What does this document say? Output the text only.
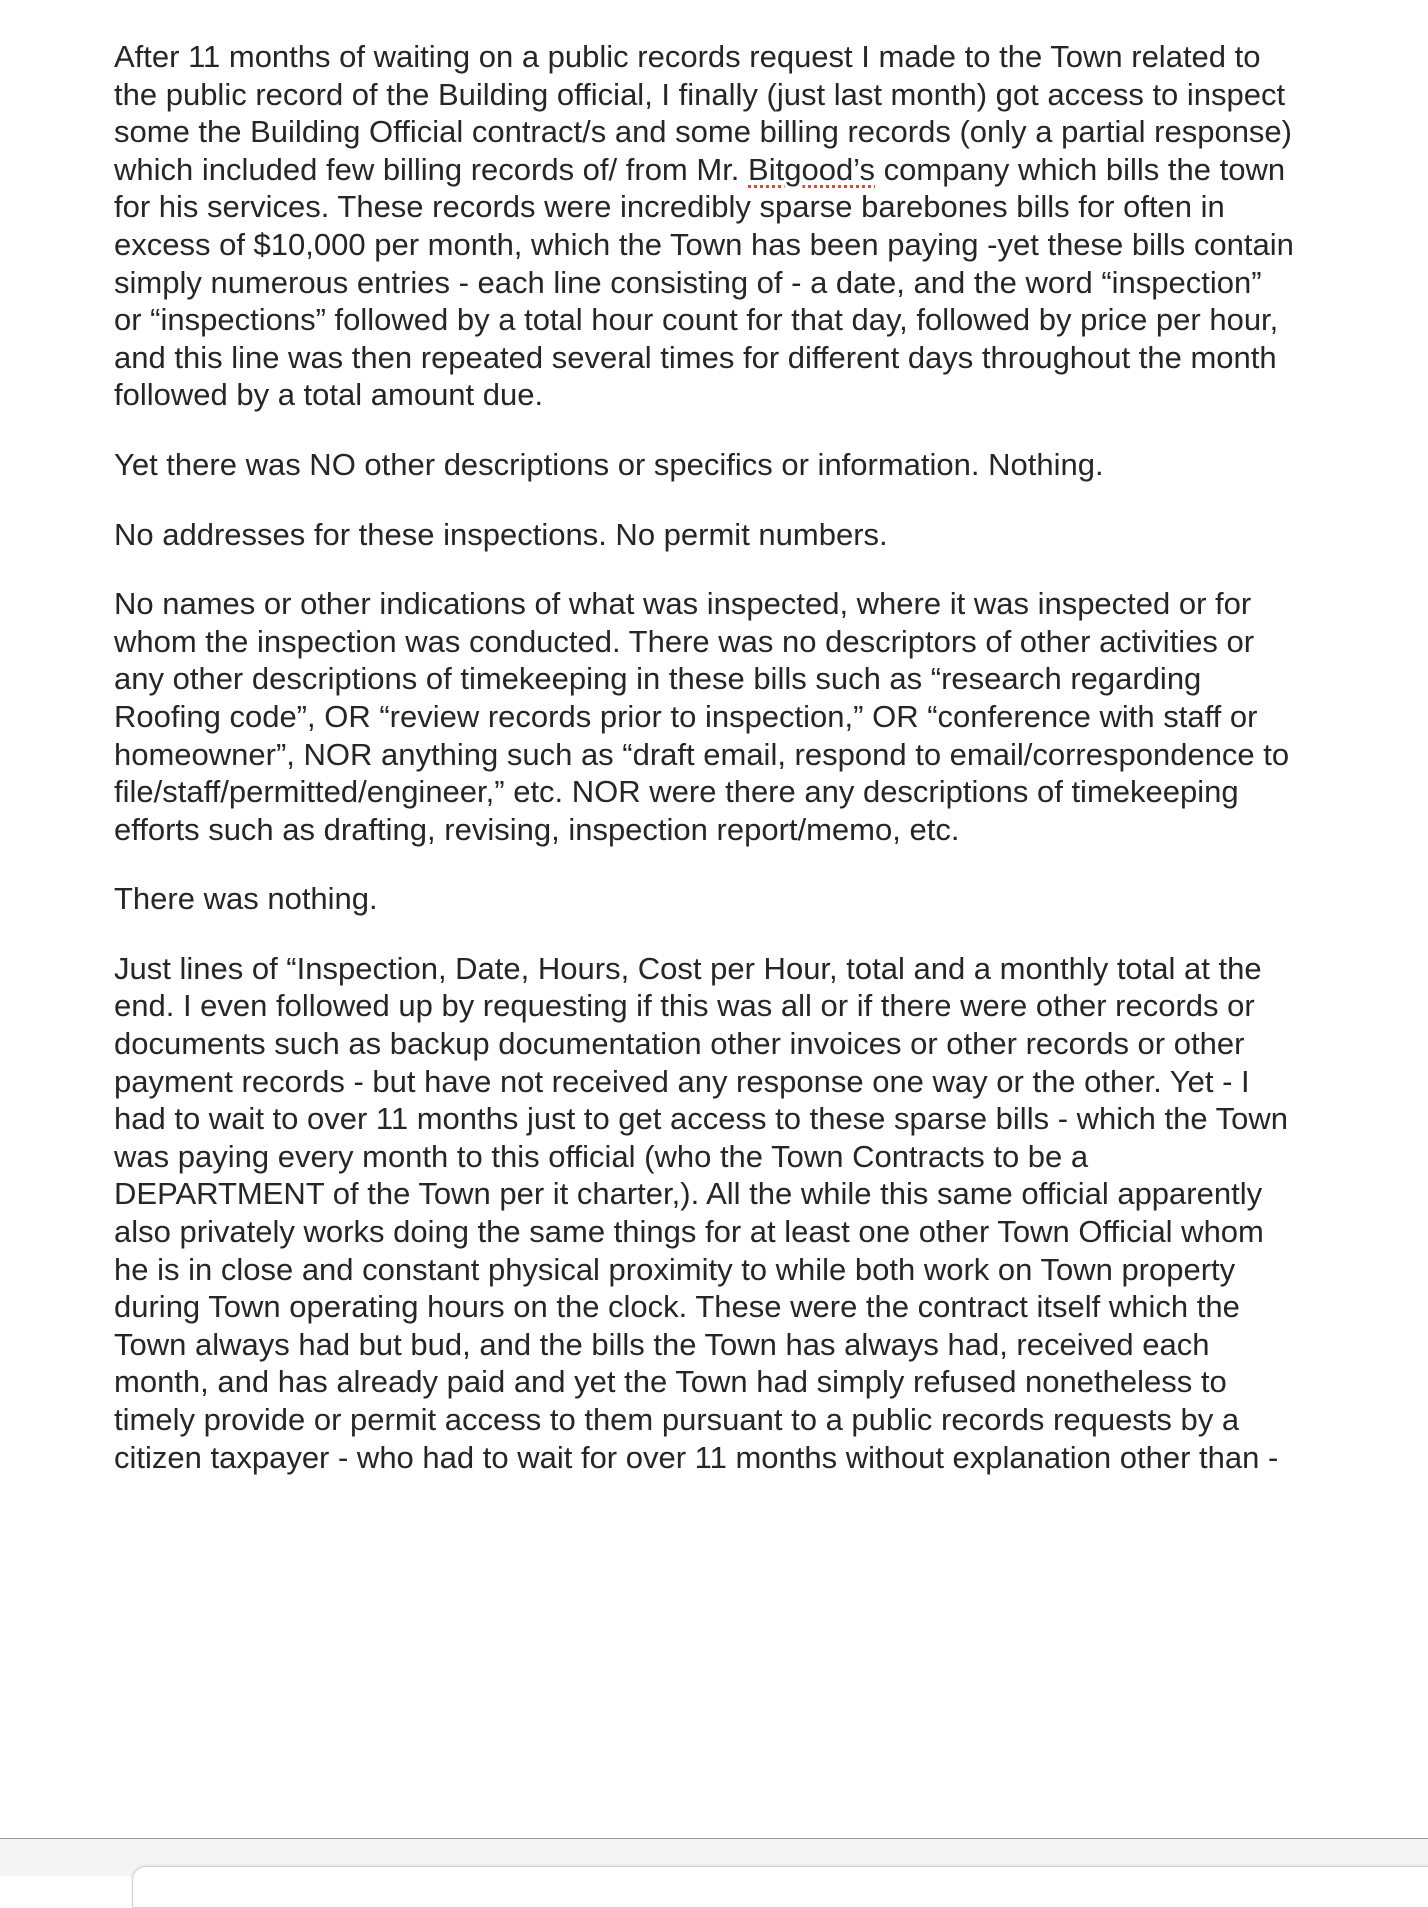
After 11 months of waiting on a public records request I made to the Town related to the public record of the Building official, I finally (just last month) got access to inspect some the Building Official contract/s and some billing records (only a partial response) which included few billing records of/ from Mr. Bitgood’s company which bills the town for his services. These records were incredibly sparse barebones bills for often in excess of $10,000 per month, which the Town has been paying -yet these bills contain simply numerous entries - each line consisting of - a date, and the word “inspection” or “inspections” followed by a total hour count for that day, followed by price per hour, and this line was then repeated several times for different days throughout the month followed by a total amount due.

Yet there was NO other descriptions or specifics or information. Nothing.

No addresses for these inspections. No permit numbers.

No names or other indications of what was inspected, where it was inspected or for whom the inspection was conducted. There was no descriptors of other activities or any other descriptions of timekeeping in these bills such as “research regarding Roofing code”, OR “review records prior to inspection,” OR “conference with staff or homeowner”, NOR anything such as “draft email, respond to email/correspondence to file/staff/permitted/engineer,” etc. NOR were there any descriptions of timekeeping efforts such as drafting, revising, inspection report/memo, etc.

There was nothing.

Just lines of “Inspection, Date, Hours, Cost per Hour, total and a monthly total at the end. I even followed up by requesting if this was all or if there were other records or documents such as backup documentation other invoices or other records or other payment records - but have not received any response one way or the other. Yet - I had to wait to over 11 months just to get access to these sparse bills - which the Town was paying every month to this official (who the Town Contracts to be a DEPARTMENT of the Town per it charter,). All the while this same official apparently also privately works doing the same things for at least one other Town Official whom he is in close and constant physical proximity to while both work on Town property during Town operating hours on the clock. These were the contract itself which the Town always had but bud, and the bills the Town has always had, received each month, and has already paid and yet the Town had simply refused nonetheless to timely provide or permit access to them pursuant to a public records requests by a citizen taxpayer - who had to wait for over 11 months without explanation other than -
